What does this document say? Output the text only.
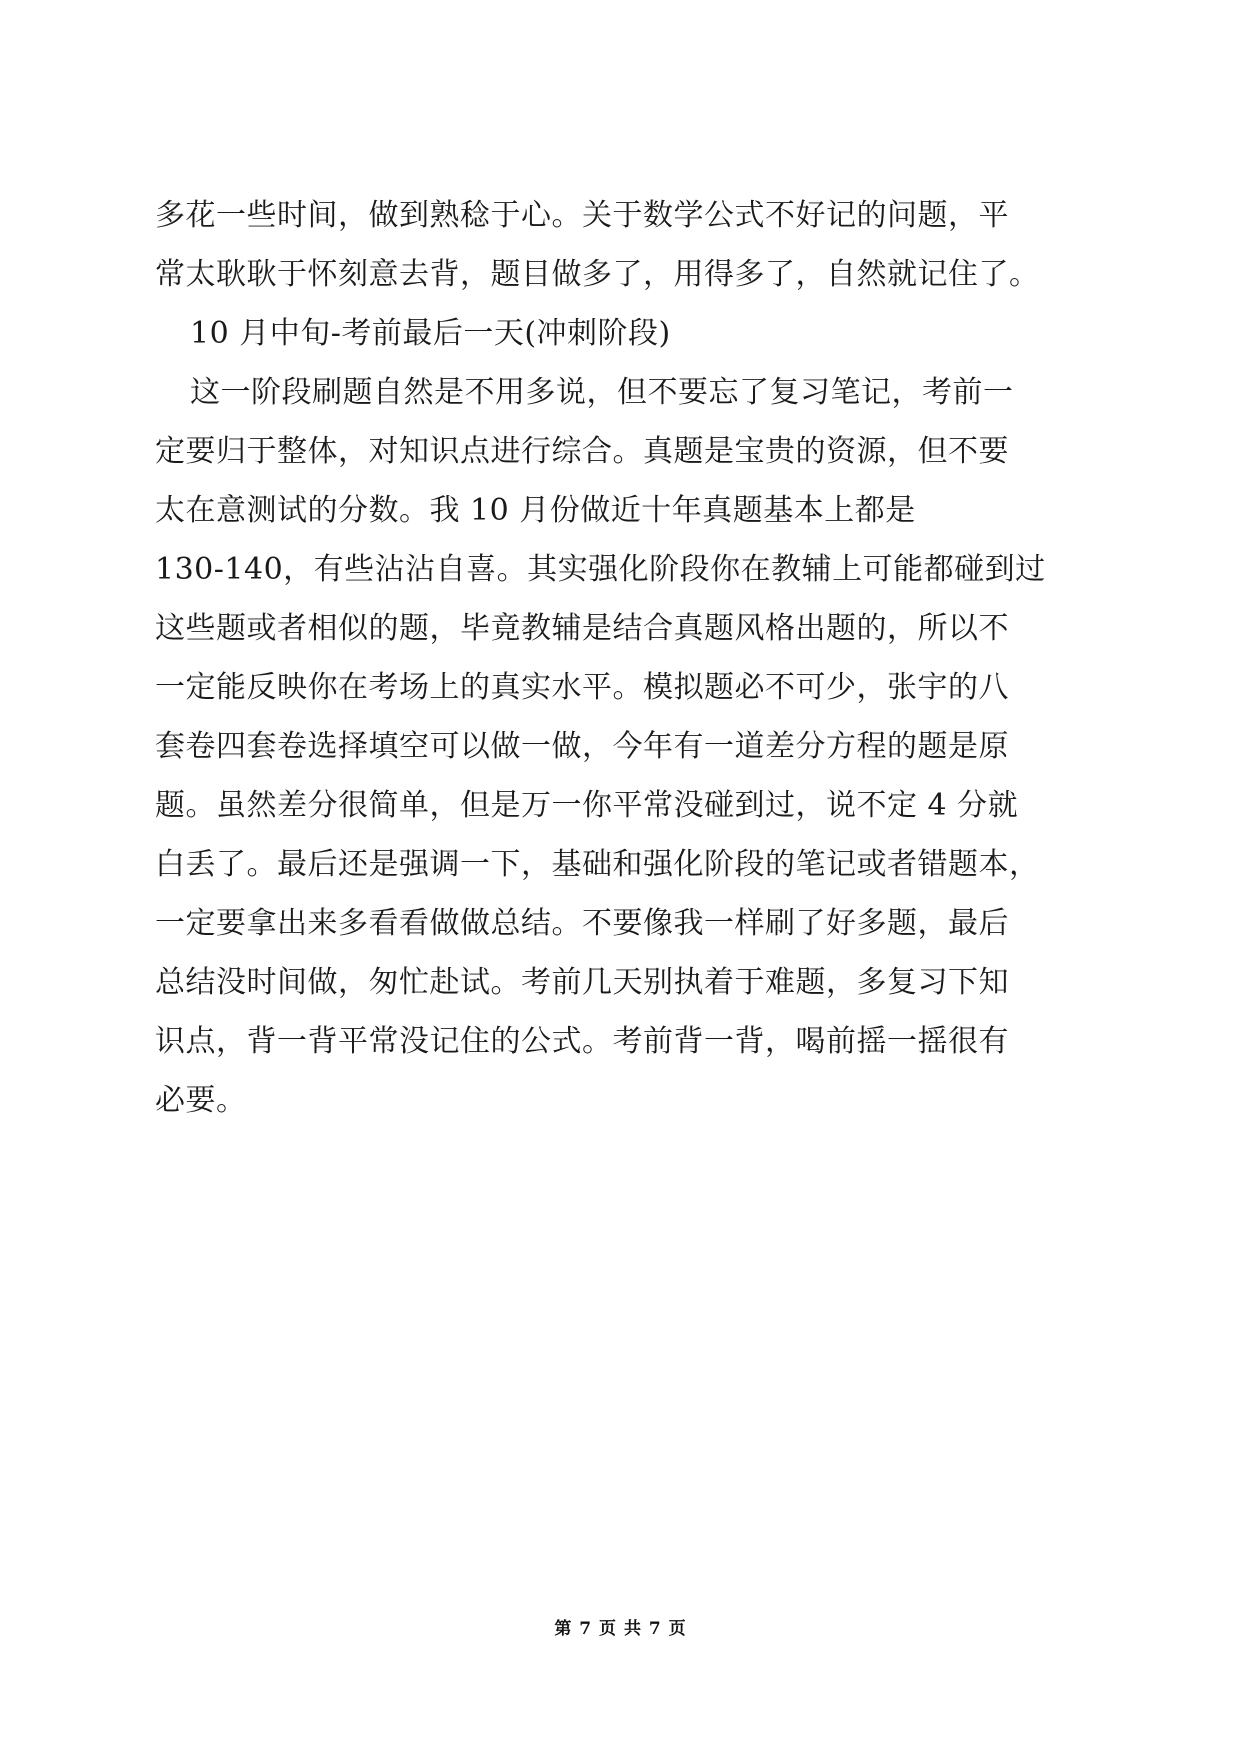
多花一些时间，做到熟稔于心。关于数学公式不好记的问题，平
常太耿耿于怀刻意去背，题目做多了，用得多了，自然就记住了。
10 月中旬-考前最后一天(冲刺阶段)
这一阶段刷题自然是不用多说，但不要忘了复习笔记，考前一
定要归于整体，对知识点进行综合。真题是宝贵的资源，但不要
太在意测试的分数。我 10 月份做近十年真题基本上都是
130-140，有些沾沾自喜。其实强化阶段你在教辅上可能都碰到过
这些题或者相似的题，毕竟教辅是结合真题风格出题的，所以不
一定能反映你在考场上的真实水平。模拟题必不可少，张宇的八
套卷四套卷选择填空可以做一做，今年有一道差分方程的题是原
题。虽然差分很简单，但是万一你平常没碰到过，说不定 4 分就
白丢了。最后还是强调一下，基础和强化阶段的笔记或者错题本，
一定要拿出来多看看做做总结。不要像我一样刷了好多题，最后
总结没时间做，匆忙赴试。考前几天别执着于难题，多复习下知
识点，背一背平常没记住的公式。考前背一背，喝前摇一摇很有
必要。
第 7 页 共 7 页
